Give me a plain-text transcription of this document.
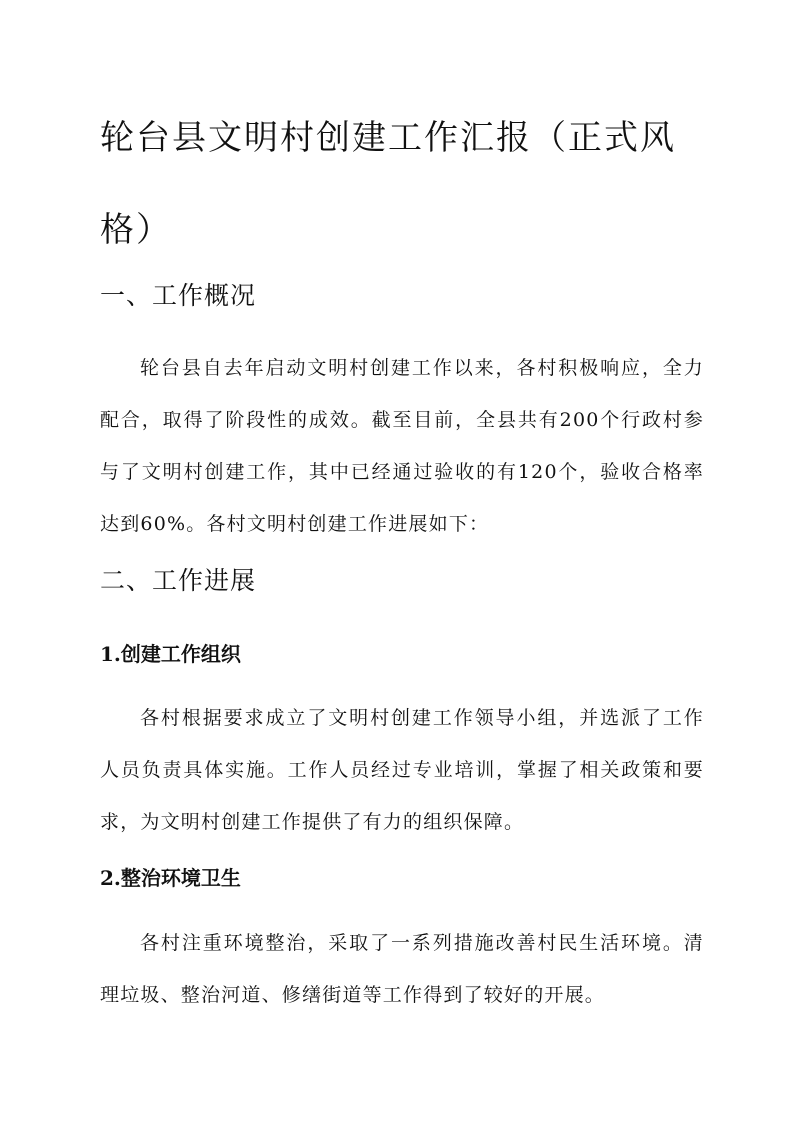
轮台县文明村创建工作汇报（正式风格）
一、工作概况

轮台县自去年启动文明村创建工作以来，各村积极响应，全力配合，取得了阶段性的成效。截至目前，全县共有200个行政村参与了文明村创建工作，其中已经通过验收的有120个，验收合格率达到60%。各村文明村创建工作进展如下：

二、工作进展
1.创建工作组织

各村根据要求成立了文明村创建工作领导小组，并选派了工作人员负责具体实施。工作人员经过专业培训，掌握了相关政策和要求，为文明村创建工作提供了有力的组织保障。

2.整治环境卫生

各村注重环境整治，采取了一系列措施改善村民生活环境。清理垃圾、整治河道、修缮街道等工作得到了较好的开展。
